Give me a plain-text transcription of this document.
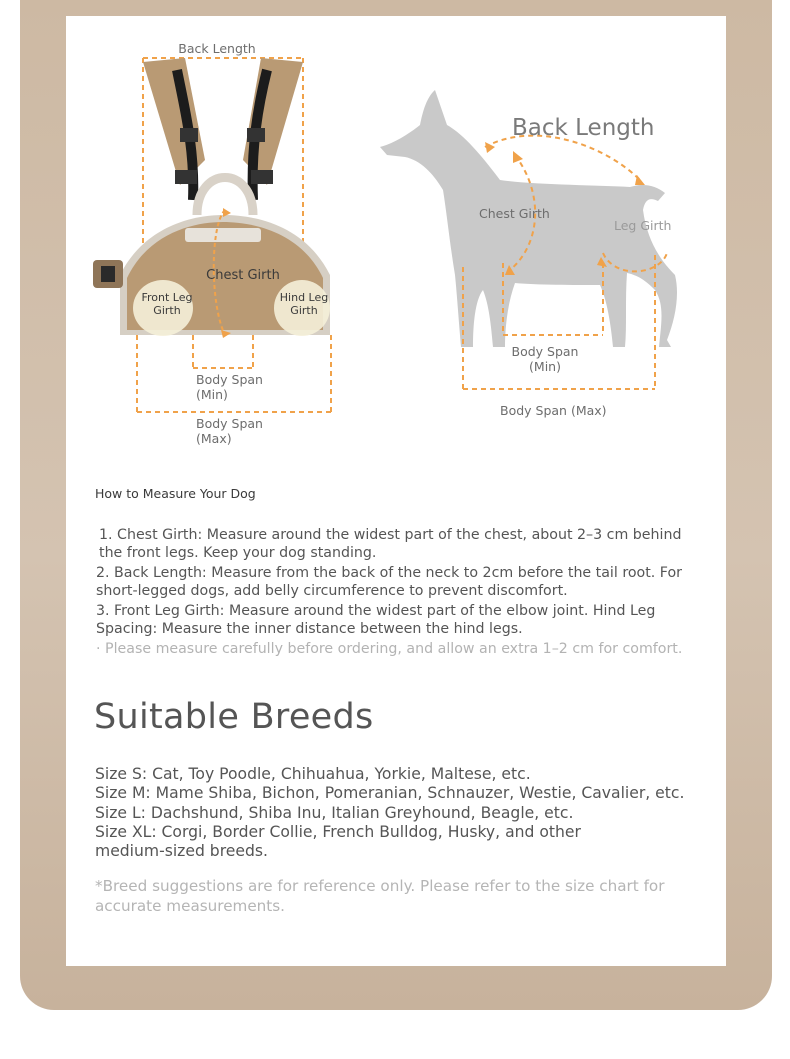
Back Length
Chest Girth
Front Leg Girth
Hind Leg Girth
Body Span (Min)
Body Span (Max)
Back Length
Chest Girth
Leg Girth
Body Span (Min)
Body Span (Max)
How to Measure Your Dog
1. Chest Girth: Measure around the widest part of the chest, about 2–3 cm behind the front legs. Keep your dog standing.
2. Back Length: Measure from the back of the neck to 2cm before the tail root. For short-legged dogs, add belly circumference to prevent discomfort.
3. Front Leg Girth: Measure around the widest part of the elbow joint. Hind Leg Spacing: Measure the inner distance between the hind legs.
· Please measure carefully before ordering, and allow an extra 1–2 cm for comfort.
Suitable Breeds
Size S: Cat, Toy Poodle, Chihuahua, Yorkie, Maltese, etc.
Size M: Mame Shiba, Bichon, Pomeranian, Schnauzer, Westie, Cavalier, etc.
Size L: Dachshund, Shiba Inu, Italian Greyhound, Beagle, etc.
Size XL: Corgi, Border Collie, French Bulldog, Husky, and other medium-sized breeds.
*Breed suggestions are for reference only. Please refer to the size chart for accurate measurements.
